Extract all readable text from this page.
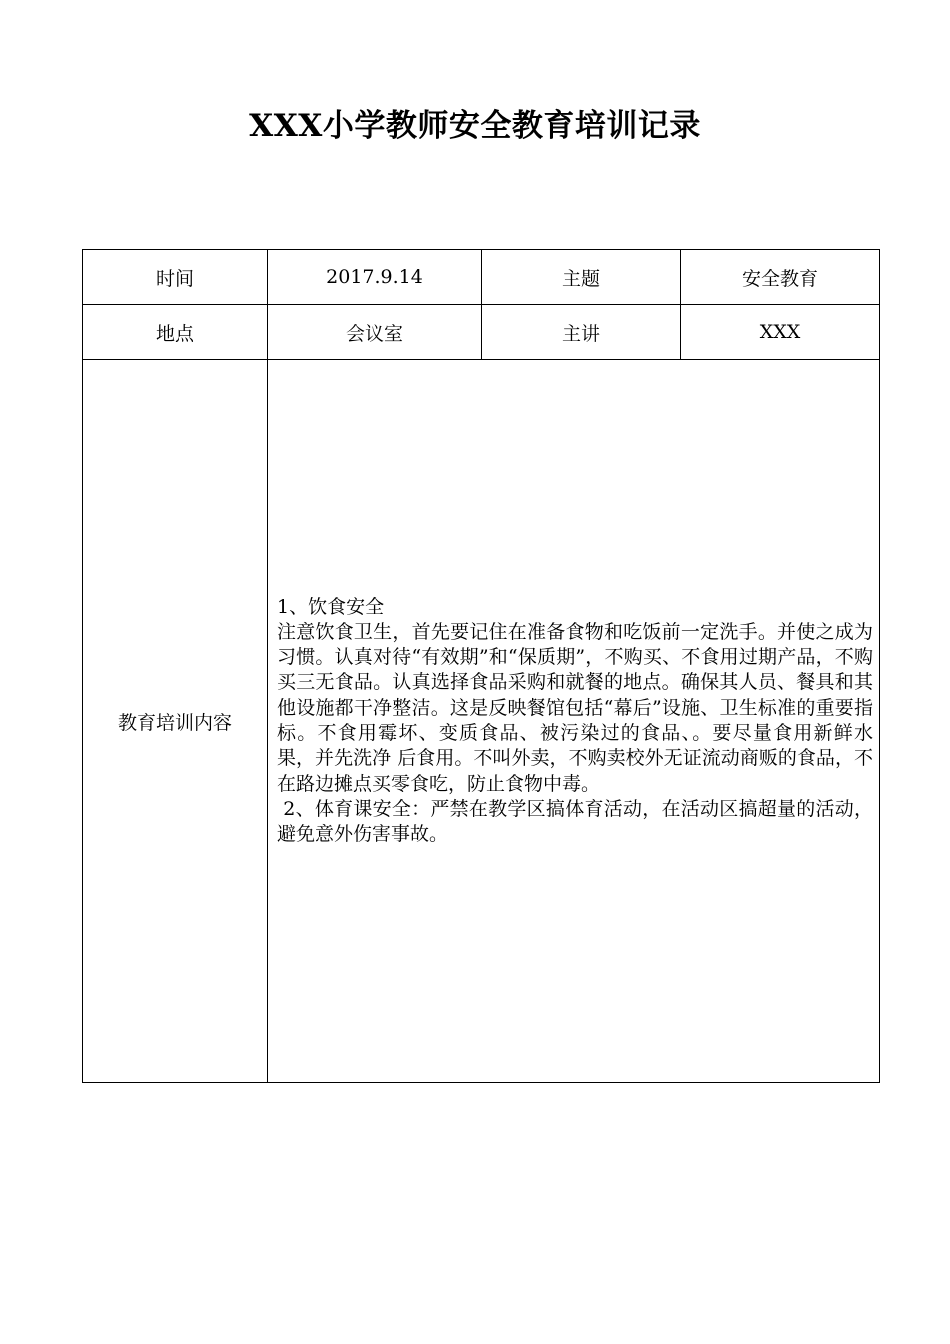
XXX小学教师安全教育培训记录
时间	2017.9.14	主题	安全教育
地点	会议室	主讲	XXX
教育培训内容	1、饮食安全

注意饮食卫生，首先要记住在准备食物和吃饭前一定洗手。并使之成为习惯。认真对待“有效期”和“保质期”，不购买、不食用过期产品，不购买三无食品。认真选择食品采购和就餐的地点。确保其人员、餐具和其他设施都干净整洁。这是反映餐馆包括“幕后”设施、卫生标准的重要指标。不食用霉坏、变质食品、被污染过的食品、。要尽量食用新鲜水果，并先洗净 后食用。不叫外卖，不购卖校外无证流动商贩的食品，不在路边摊点买零食吃，防止食物中毒。

2、体育课安全：严禁在教学区搞体育活动，在活动区搞超量的活动，避免意外伤害事故。		
